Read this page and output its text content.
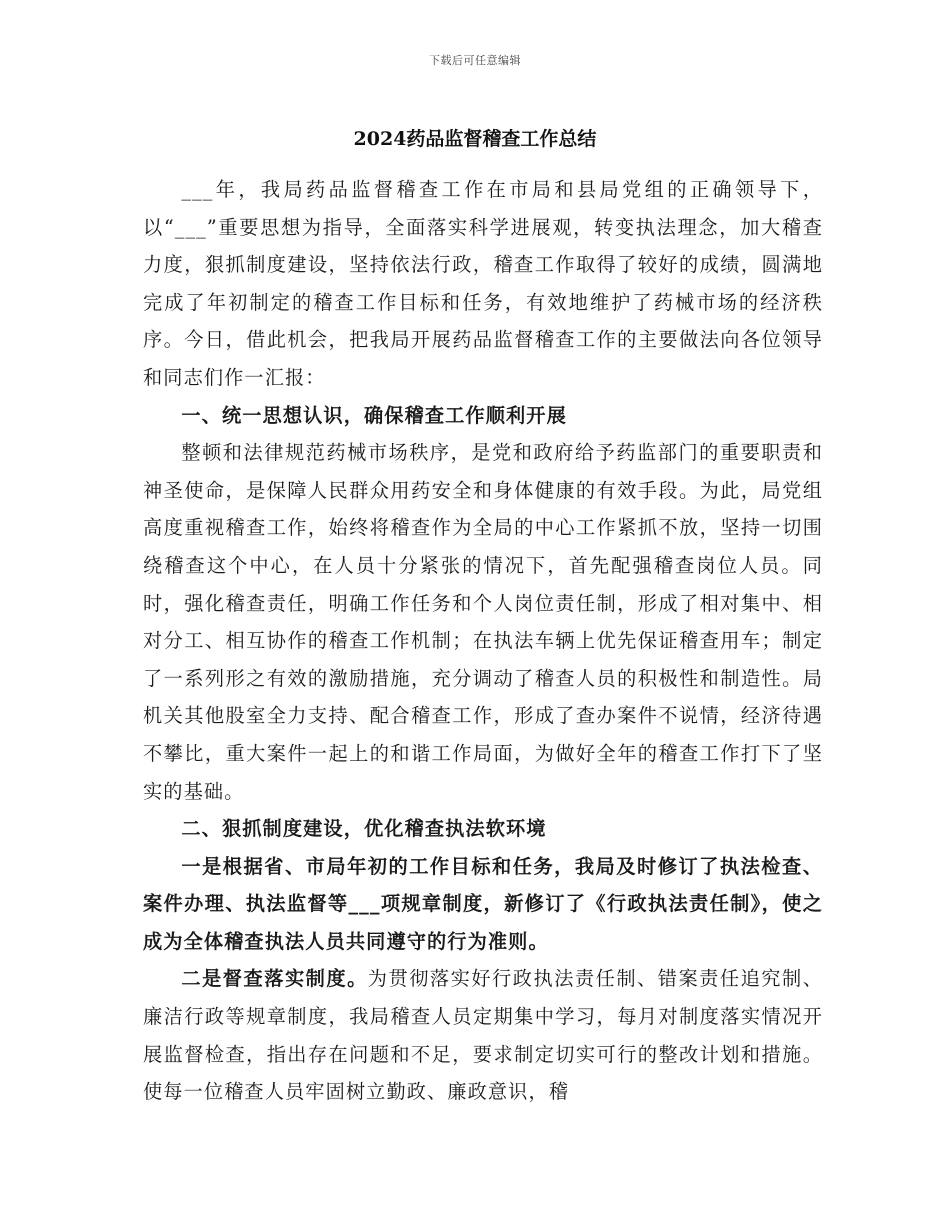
下载后可任意编辑
2024药品监督稽查工作总结

___年，我局药品监督稽查工作在市局和县局党组的正确领导下，以“___”重要思想为指导，全面落实科学进展观，转变执法理念，加大稽查力度，狠抓制度建设，坚持依法行政，稽查工作取得了较好的成绩，圆满地完成了年初制定的稽查工作目标和任务，有效地维护了药械市场的经济秩序。今日，借此机会，把我局开展药品监督稽查工作的主要做法向各位领导和同志们作一汇报：

一、统一思想认识，确保稽查工作顺利开展

整顿和法律规范药械市场秩序，是党和政府给予药监部门的重要职责和神圣使命，是保障人民群众用药安全和身体健康的有效手段。为此，局党组高度重视稽查工作，始终将稽查作为全局的中心工作紧抓不放，坚持一切围绕稽查这个中心，在人员十分紧张的情况下，首先配强稽查岗位人员。同时，强化稽查责任，明确工作任务和个人岗位责任制，形成了相对集中、相对分工、相互协作的稽查工作机制；在执法车辆上优先保证稽查用车；制定了一系列形之有效的激励措施，充分调动了稽查人员的积极性和制造性。局机关其他股室全力支持、配合稽查工作，形成了查办案件不说情，经济待遇不攀比，重大案件一起上的和谐工作局面，为做好全年的稽查工作打下了坚实的基础。

二、狠抓制度建设，优化稽查执法软环境

一是根据省、市局年初的工作目标和任务，我局及时修订了执法检查、案件办理、执法监督等___项规章制度，新修订了《行政执法责任制》，使之成为全体稽查执法人员共同遵守的行为准则。

二是督查落实制度。为贯彻落实好行政执法责任制、错案责任追究制、廉洁行政等规章制度，我局稽查人员定期集中学习，每月对制度落实情况开展监督检查，指出存在问题和不足，要求制定切实可行的整改计划和措施。使每一位稽查人员牢固树立勤政、廉政意识，稽
